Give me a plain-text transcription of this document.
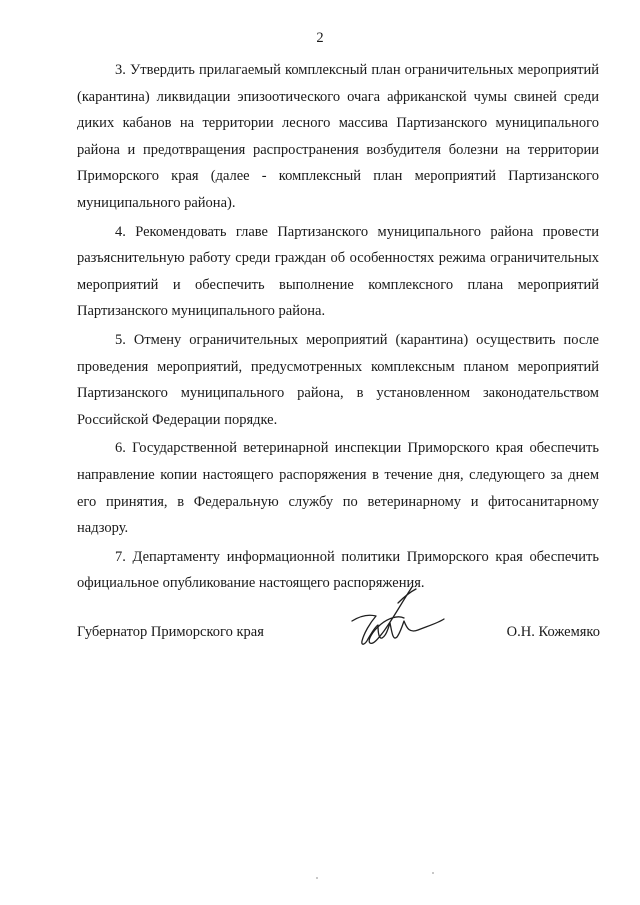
2

3. Утвердить прилагаемый комплексный план ограничительных мероприятий (карантина) ликвидации эпизоотического очага африканской чумы свиней среди диких кабанов на территории лесного массива Партизанского муниципального района и предотвращения распространения возбудителя болезни на территории Приморского края (далее - комплексный план мероприятий Партизанского муниципального района).

4. Рекомендовать главе Партизанского муниципального района провести разъяснительную работу среди граждан об особенностях режима ограничительных мероприятий и обеспечить выполнение комплексного плана мероприятий Партизанского муниципального района.

5. Отмену ограничительных мероприятий (карантина) осуществить после проведения мероприятий, предусмотренных комплексным планом мероприятий Партизанского муниципального района, в установленном законодательством Российской Федерации порядке.

6. Государственной ветеринарной инспекции Приморского края обеспечить направление копии настоящего распоряжения в течение дня, следующего за днем его принятия, в Федеральную службу по ветеринарному и фитосанитарному надзору.

7. Департаменту информационной политики Приморского края обеспечить официальное опубликование настоящего распоряжения.

Губернатор Приморского края	О.Н. Кожемяко
